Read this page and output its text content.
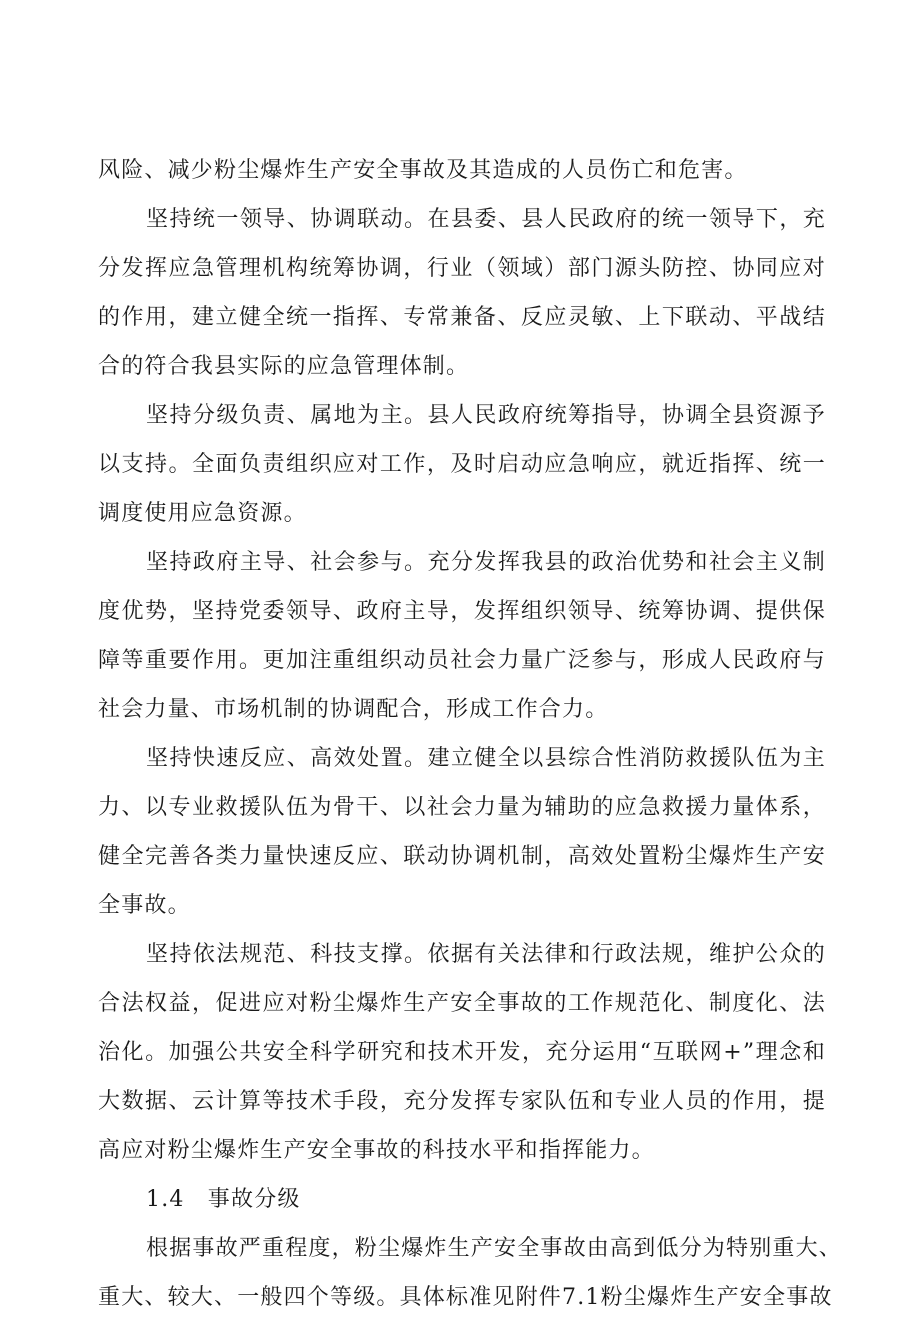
风险、减少粉尘爆炸生产安全事故及其造成的人员伤亡和危害。
坚持统一领导、协调联动。在县委、县人民政府的统一领导下，充
分发挥应急管理机构统筹协调，行业（领域）部门源头防控、协同应对
的作用，建立健全统一指挥、专常兼备、反应灵敏、上下联动、平战结
合的符合我县实际的应急管理体制。
坚持分级负责、属地为主。县人民政府统筹指导，协调全县资源予
以支持。全面负责组织应对工作，及时启动应急响应，就近指挥、统一
调度使用应急资源。
坚持政府主导、社会参与。充分发挥我县的政治优势和社会主义制
度优势，坚持党委领导、政府主导，发挥组织领导、统筹协调、提供保
障等重要作用。更加注重组织动员社会力量广泛参与，形成人民政府与
社会力量、市场机制的协调配合，形成工作合力。
坚持快速反应、高效处置。建立健全以县综合性消防救援队伍为主
力、以专业救援队伍为骨干、以社会力量为辅助的应急救援力量体系，
健全完善各类力量快速反应、联动协调机制，高效处置粉尘爆炸生产安
全事故。
坚持依法规范、科技支撑。依据有关法律和行政法规，维护公众的
合法权益，促进应对粉尘爆炸生产安全事故的工作规范化、制度化、法
治化。加强公共安全科学研究和技术开发，充分运用“互联网+”理念和
大数据、云计算等技术手段，充分发挥专家队伍和专业人员的作用，提
高应对粉尘爆炸生产安全事故的科技水平和指挥能力。
1.4　事故分级
根据事故严重程度，粉尘爆炸生产安全事故由高到低分为特别重大、
重大、较大、一般四个等级。具体标准见附件7.1粉尘爆炸生产安全事故
